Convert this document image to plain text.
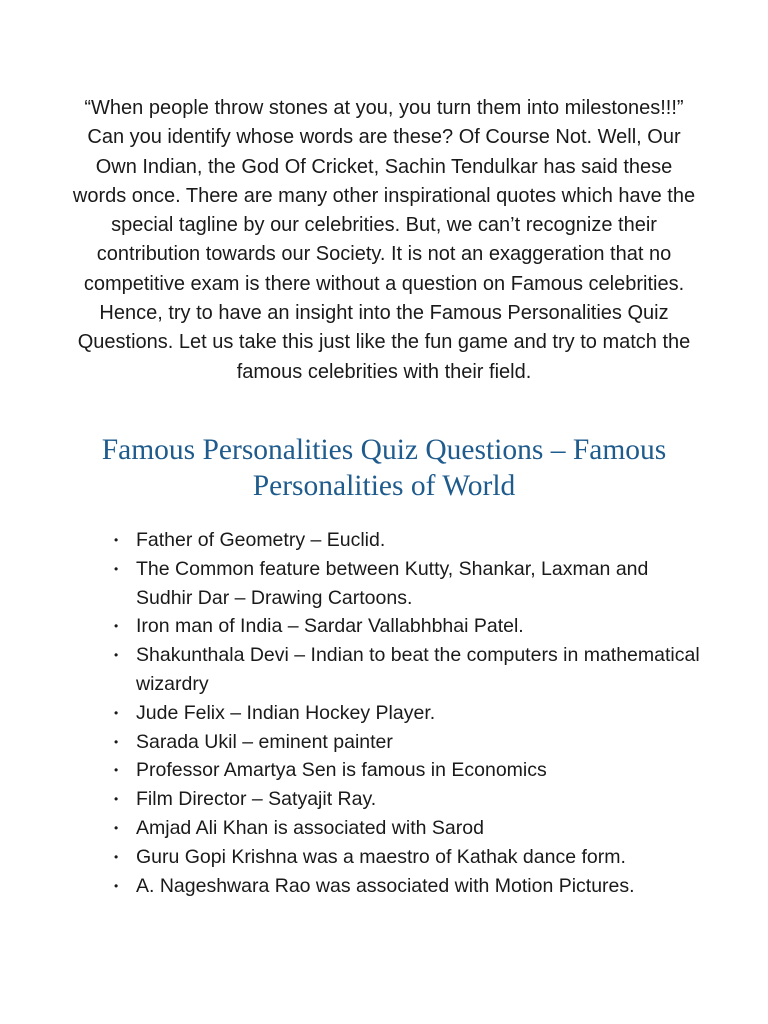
“When people throw stones at you, you turn them into milestones!!!” Can you identify whose words are these? Of Course Not. Well, Our Own Indian, the God Of Cricket, Sachin Tendulkar has said these words once. There are many other inspirational quotes which have the special tagline by our celebrities. But, we can’t recognize their contribution towards our Society. It is not an exaggeration that no competitive exam is there without a question on Famous celebrities. Hence, try to have an insight into the Famous Personalities Quiz Questions. Let us take this just like the fun game and try to match the famous celebrities with their field.

Famous Personalities Quiz Questions – Famous Personalities of World
• Father of Geometry – Euclid.
• The Common feature between Kutty, Shankar, Laxman and Sudhir Dar – Drawing Cartoons.
• Iron man of India – Sardar Vallabhbhai Patel.
• Shakunthala Devi – Indian to beat the computers in mathematical wizardry
• Jude Felix – Indian Hockey Player.
• Sarada Ukil – eminent painter
• Professor Amartya Sen is famous in Economics
• Film Director – Satyajit Ray.
• Amjad Ali Khan is associated with Sarod
• Guru Gopi Krishna was a maestro of Kathak dance form.
• A. Nageshwara Rao was associated with Motion Pictures.
